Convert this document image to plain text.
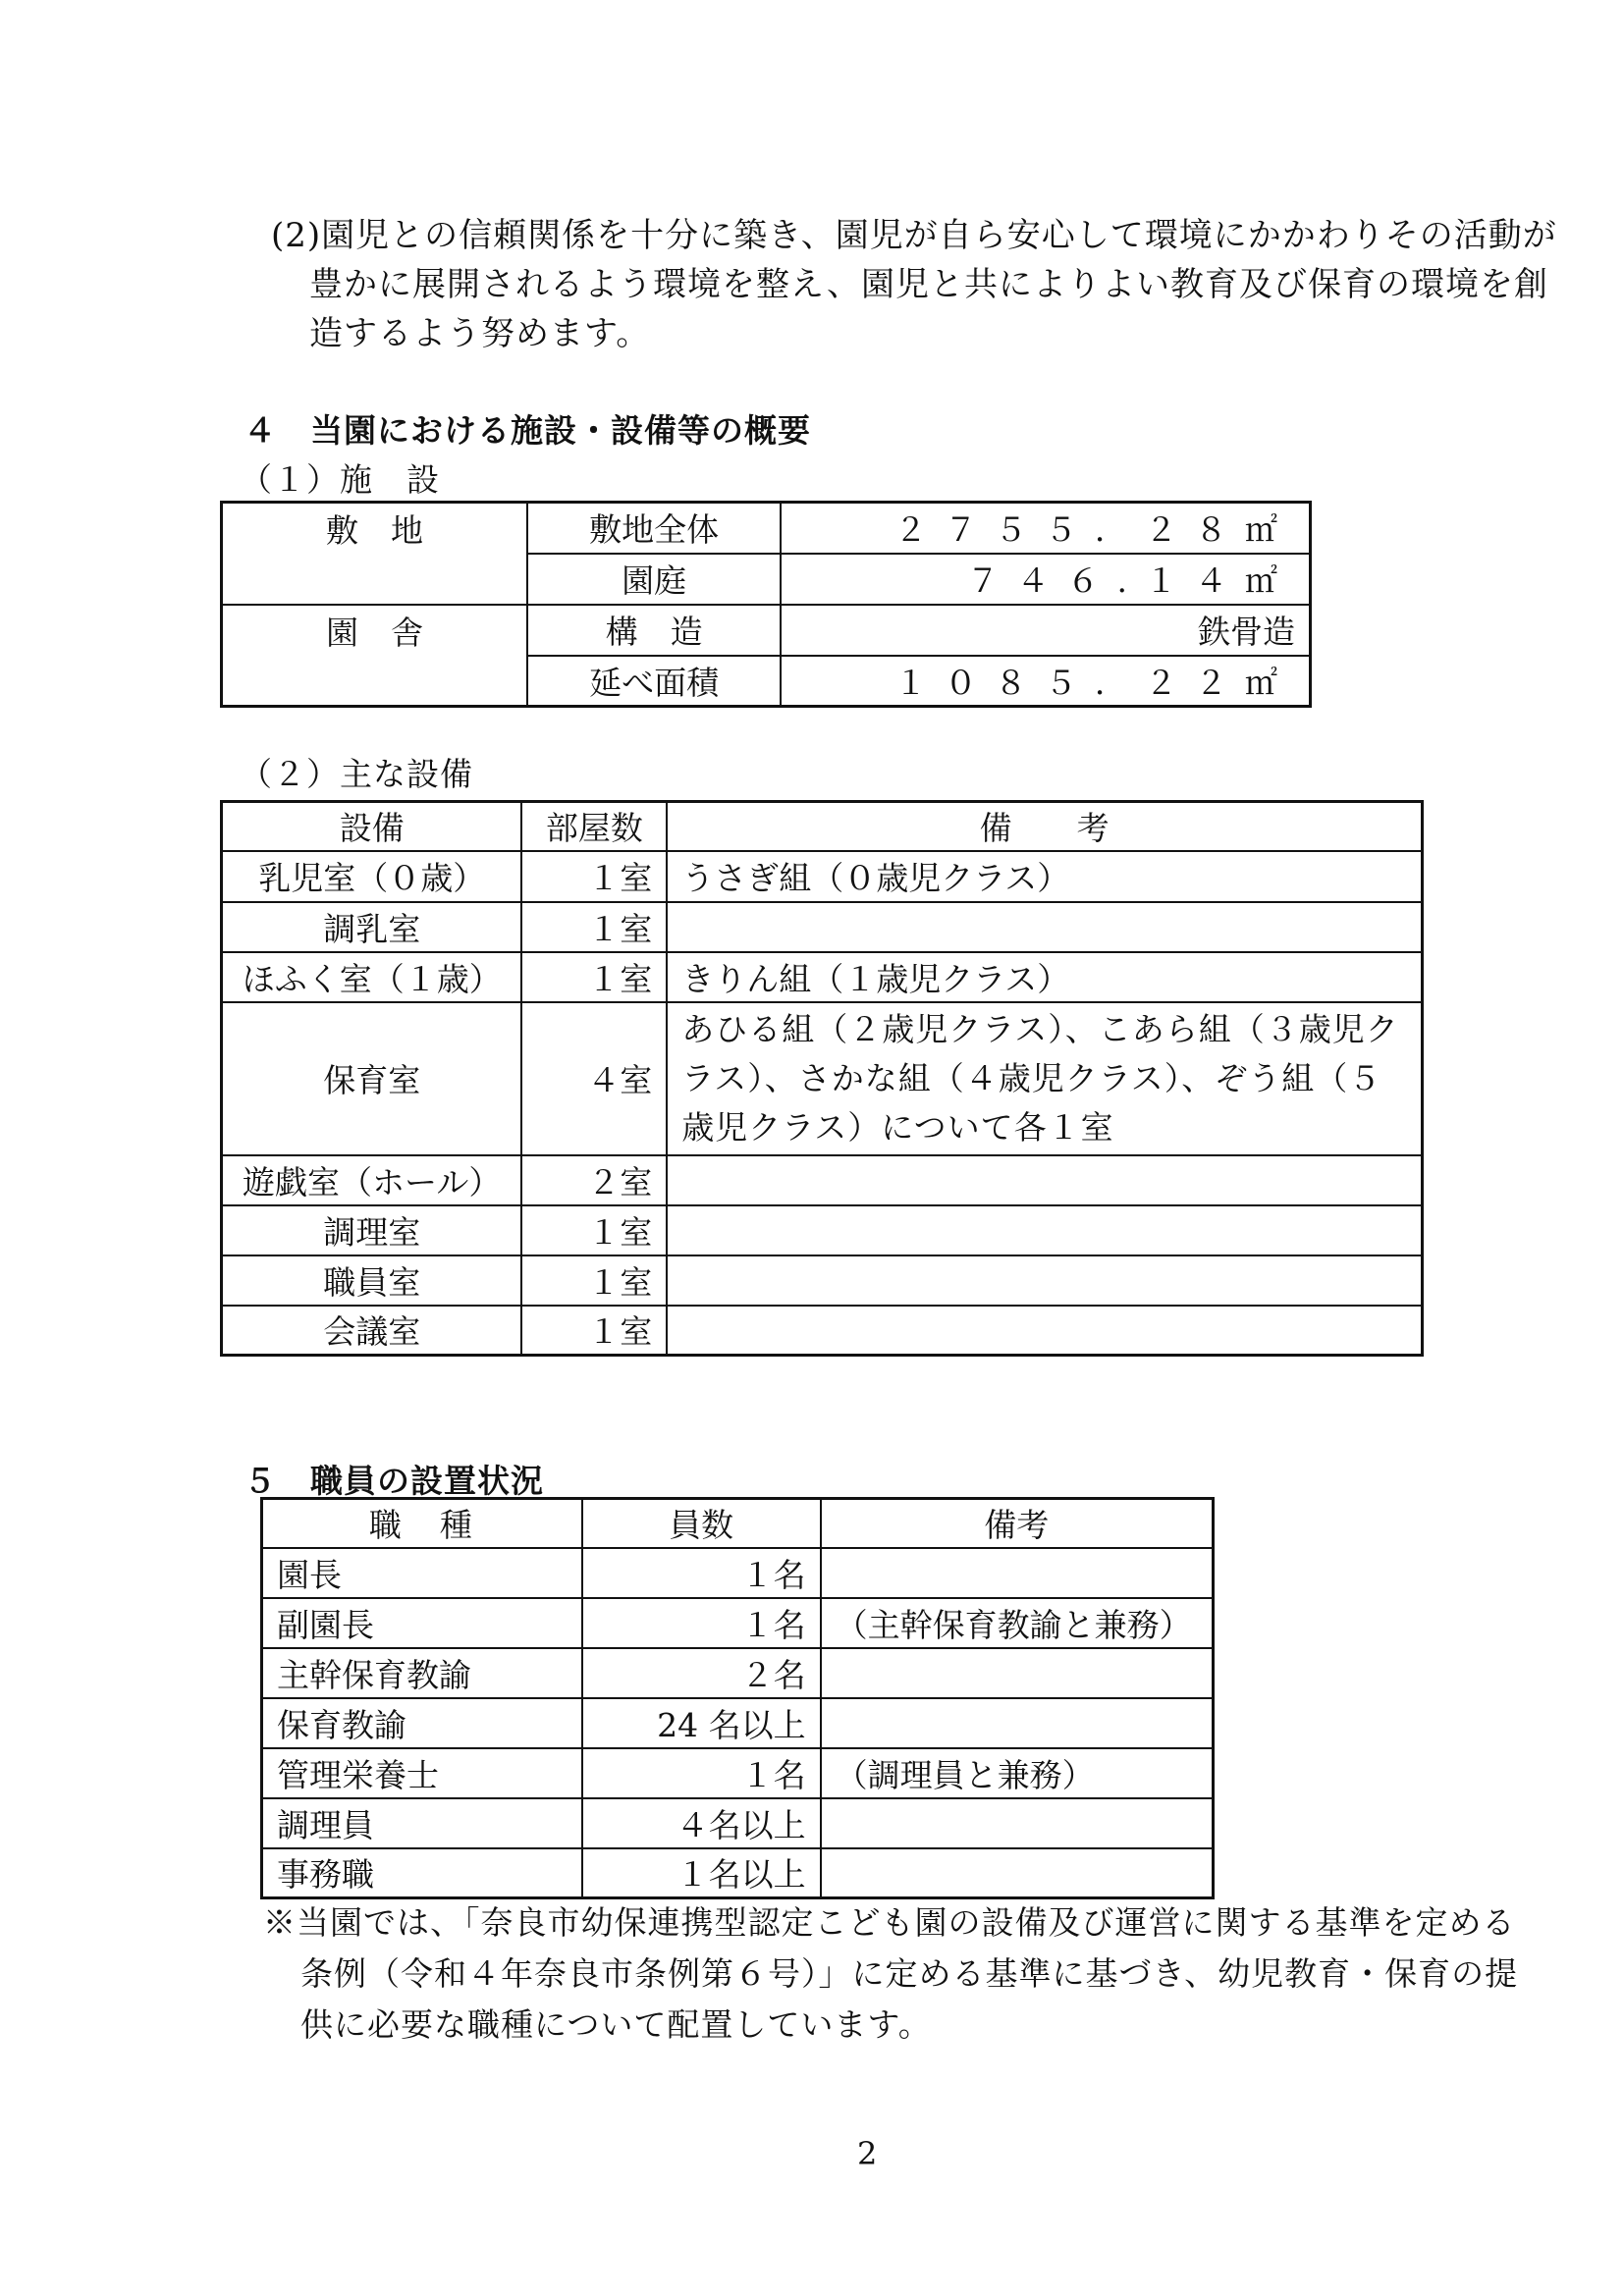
(2)園児との信頼関係を十分に築き、園児が自ら安心して環境にかかわりその活動が
豊かに展開されるよう環境を整え、園児と共によりよい教育及び保育の環境を創
造するよう努めます。
４　当園における施設・設備等の概要
（１）施　設
敷　地	敷地全体	２７５５．２８㎡
	園庭	７４６.１４㎡
園　舎	構　造	鉄骨造
	延べ面積	１０８５．２２㎡
（２）主な設備
設備	部屋数	備　　考
乳児室（０歳）	１室	うさぎ組（０歳児クラス）
調乳室	１室	
ほふく室（１歳）	１室	きりん組（１歳児クラス）
保育室	４室	あひる組（２歳児クラス）、こあら組（３歳児クラス）、さかな組（４歳児クラス）、ぞう組（５歳児クラス）について各１室
遊戯室（ホール）	２室	
調理室	１室	
職員室	１室	
会議室	１室	
５　職員の設置状況
職　種	員数	備考
園長	１名	
副園長	１名	（主幹保育教諭と兼務）
主幹保育教諭	２名	
保育教諭	24 名以上	
管理栄養士	１名	（調理員と兼務）
調理員	４名以上	
事務職	１名以上	
※当園では、「奈良市幼保連携型認定こども園の設備及び運営に関する基準を定める
条例（令和４年奈良市条例第６号）」に定める基準に基づき、幼児教育・保育の提
供に必要な職種について配置しています。
2
